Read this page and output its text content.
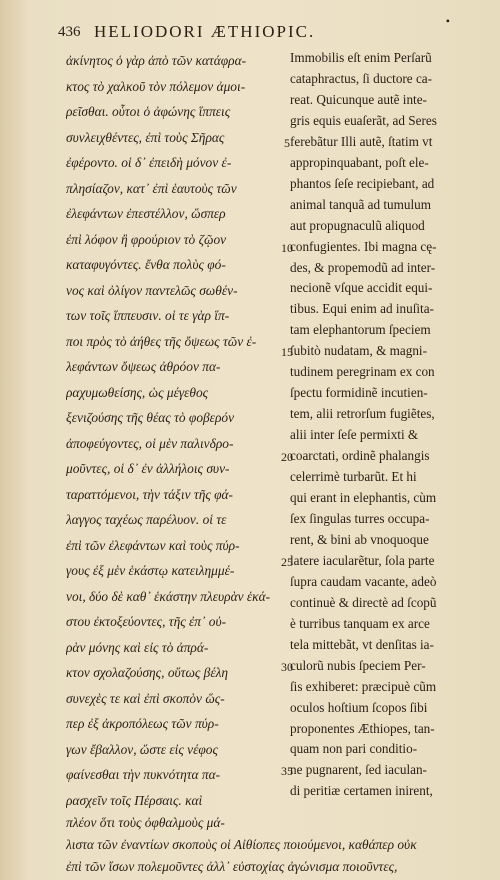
436 HELIODORI ÆTHIOPIC.
•
ἀκίνητος ὁ γὰρ ἀπὸ τῶν κατάφρα-
κτος τὸ χαλκοῦ τὸν πόλεμον ἀμοι-
ρεῖσθαι. οὗτοι ὁ ἀφώνης ἵππεις
συνλειχθέντες, ἐπὶ τοὺς Σῆρας
ἐφέροντο. οἱ δ᾽ ἐπειδὴ μόνον ἐ-
πλησίαζον, κατ᾽ ἐπὶ ἑαυτοὺς τῶν
ἐλεφάντων ἐπεστέλλον, ὥσπερ
ἐπὶ λόφον ἢ φρούριον τὸ ζῷον
καταφυγόντες. ἔνθα πολὺς φό-
νος καὶ ὀλίγον παντελῶς σωθέν-
των τοῖς ἵππευσιν. οἱ τε γὰρ ἵπ-
ποι πρὸς τὸ ἀήθες τῆς ὄψεως τῶν ἐ-
λεφάντων ὄψεως ἀθρόον πα-
ραχυμωθείσης, ὡς μέγεθος
ξενιζούσης τῆς θέας τὸ φοβερόν
ἀποφεύγοντες, οἱ μὲν παλινδρο-
μοῦντες, οἱ δ᾽ ἐν ἀλλήλοις συν-
ταραττόμενοι, τὴν τάξιν τῆς φά-
λαγγος ταχέως παρέλυον. οἱ τε
ἐπὶ τῶν ἐλεφάντων καὶ τοὺς πύρ-
γους ἐξ μὲν ἑκάστῳ κατειλημμέ-
νοι, δύο δὲ καθ᾽ ἑκάστην πλευρὰν ἑκά-
στου ἐκτοξεύοντες, τῆς ἐπ᾽ οὐ-
ρὰν μόνης καὶ εἰς τὸ ἀπρά-
κτον σχολαζούσης, οὕτως βέλη
συνεχὲς τε καὶ ἐπὶ σκοπὸν ὥς-
περ ἐξ ἀκροπόλεως τῶν πύρ-
γων ἔβαλλον, ὥστε εἰς νέφος
φαίνεσθαι τὴν πυκνότητα πα-
ρασχεῖν τοῖς Πέρσαις. καὶ
Immobilis eſt enim Perſarũ
cataphractus, ſi ductore ca-
reat. Quicunque autẽ inte-
gris equis euaſerãt, ad Seres
ferebãtur Illi autẽ, ſtatim vt
appropinquabant, poſt ele-
phantos ſeſe recipiebant, ad
animal tanquã ad tumulum
aut propugnaculũ aliquod
confugientes. Ibi magna cę-
des, & propemodũ ad inter-
necionẽ vſque accidit equi-
tibus. Equi enim ad inuſita-
tam elephantorum ſpeciem
ſubitò nudatam, & magni-
tudinem peregrinam ex con
ſpectu formidinẽ incutien-
tem, alii retrorſum fugiẽtes,
alii inter ſeſe permixti &
coarctati, ordinẽ phalangis
celerrimè turbarũt. Et hi
qui erant in elephantis, cùm
ſex ſingulas turres occupa-
rent, & bini ab vnoquoque
latere iacularẽtur, ſola parte
ſupra caudam vacante, adeò
continuè & directè ad ſcopũ
è turribus tanquam ex arce
tela mittebãt, vt denſitas ia-
culorũ nubis ſpeciem Per-
ſis exhiberet: præcipuè cũm
oculos hoſtium ſcopos ſibi
proponentes Æthiopes, tan-
quam non pari conditio-
ne pugnarent, ſed iaculan-
di peritiæ certamen inirent,
5
10
15
20
25
30
35
πλέον ὅτι τοὺς ὀφθαλμοὺς μά-
λιστα τῶν ἐναντίων σκοποὺς οἱ Αἰθίοπες ποιούμενοι, καθάπερ οὐκ
ἐπὶ τῶν ἴσων πολεμοῦντες ἀλλ᾽ εὐστοχίας ἀγώνισμα ποιοῦντες,
